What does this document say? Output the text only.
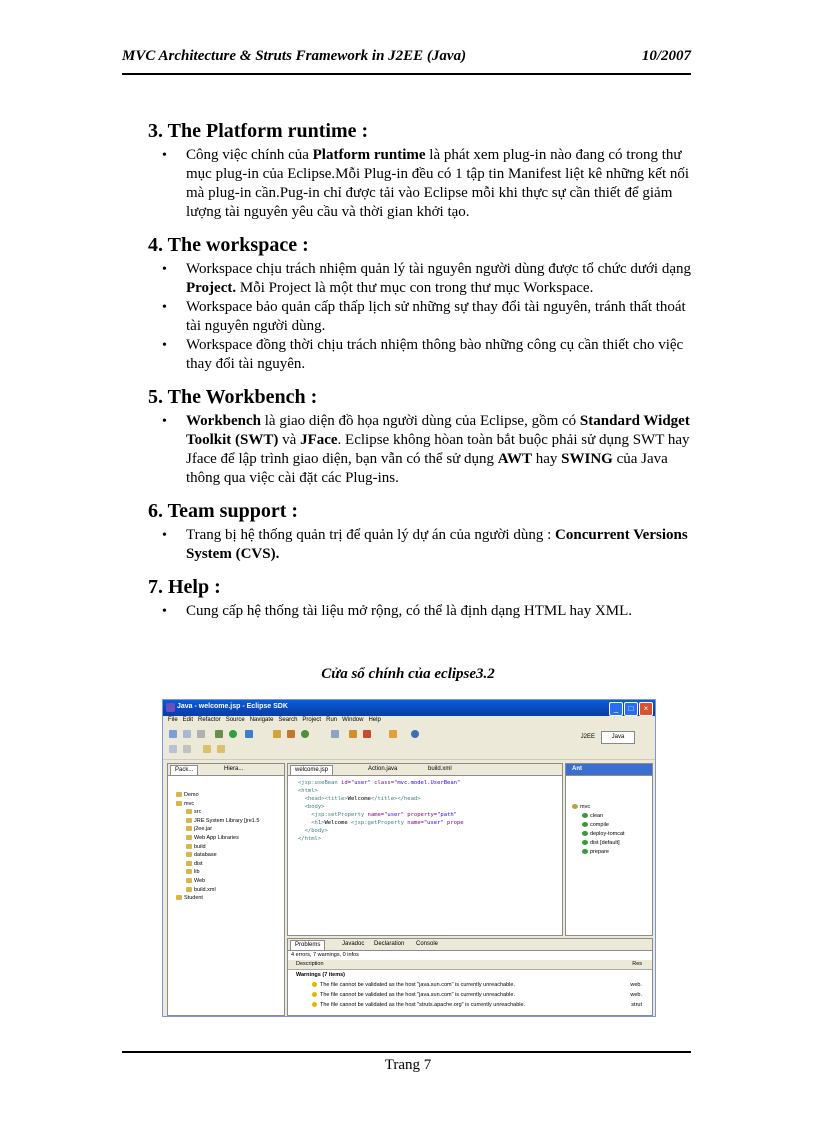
MVC Architecture & Struts Framework in J2EE (Java)	10/2007
3. The Platform runtime :
• Công việc chính của Platform runtime là phát xem plug-in nào đang có trong thư mục plug-in của Eclipse.Mỗi Plug-in đều có 1 tập tin Manifest liệt kê những kết nối mà plug-in cần.Pug-in chỉ được tải vào Eclipse mỗi khi thực sự cần thiết để giảm lượng tài nguyên yêu cầu và thời gian khởi tạo.
4. The workspace :
• Workspace chịu trách nhiệm quản lý tài nguyên người dùng được tổ chức dưới dạng Project. Mỗi Project là một thư mục con trong thư mục Workspace.
• Workspace bảo quản cấp thấp lịch sử những sự thay đổi tài nguyên, tránh thất thoát tài nguyên người dùng.
• Workspace đồng thời chịu trách nhiệm thông bào những công cụ cần thiết cho việc thay đổi tài nguyên.
5. The Workbench :
• Workbench là giao diện đồ họa người dùng của Eclipse, gồm có Standard Widget Toolkit (SWT) và JFace. Eclipse không hòan toàn bắt buộc phải sử dụng SWT hay Jface để lập trình giao diện, bạn vẫn có thể sử dụng AWT hay SWING của Java thông qua việc cài đặt các Plug-ins.
6. Team support :
• Trang bị hệ thống quản trị để quản lý dự án của người dùng : Concurrent Versions System (CVS).
7. Help :
• Cung cấp hệ thống tài liệu mở rộng, có thể là định dạng HTML hay XML.
Cửa sổ chính của eclipse3.2
Java - welcome.jsp - Eclipse SDK	_	□	×
File Edit Refactor Source Navigate Search Project Run Window Help
J2EE	Java
Pack...	Hiera...
Demo
mvc
src
JRE System Library [jre1.5
j2ee.jar
Web App Libraries
build
database
dist
lib
Web
build.xml
Student
welcome.jsp	Action.java	build.xml
<jsp:useBean id="user" class="mvc.model.UserBean"
<html>
<head><title>Welcome</title></head>
<body>
<jsp:setProperty name="user" property="path"
<h1>Welcome <jsp:getProperty name="user" prope
</body>
</html>
Ant
mvc
clean
compile
deploy-tomcat
dist [default]
prepare
Problems	Javadoc	Declaration	Console
4 errors, 7 warnings, 0 infos
Description	Res
Warnings (7 items)
The file cannot be validated as the host "java.sun.com" is currently unreachable.	web.
The file cannot be validated as the host "java.sun.com" is currently unreachable.	web.
The file cannot be validated as the host "struts.apache.org" is currently unreachable.	strut
Trang 7
